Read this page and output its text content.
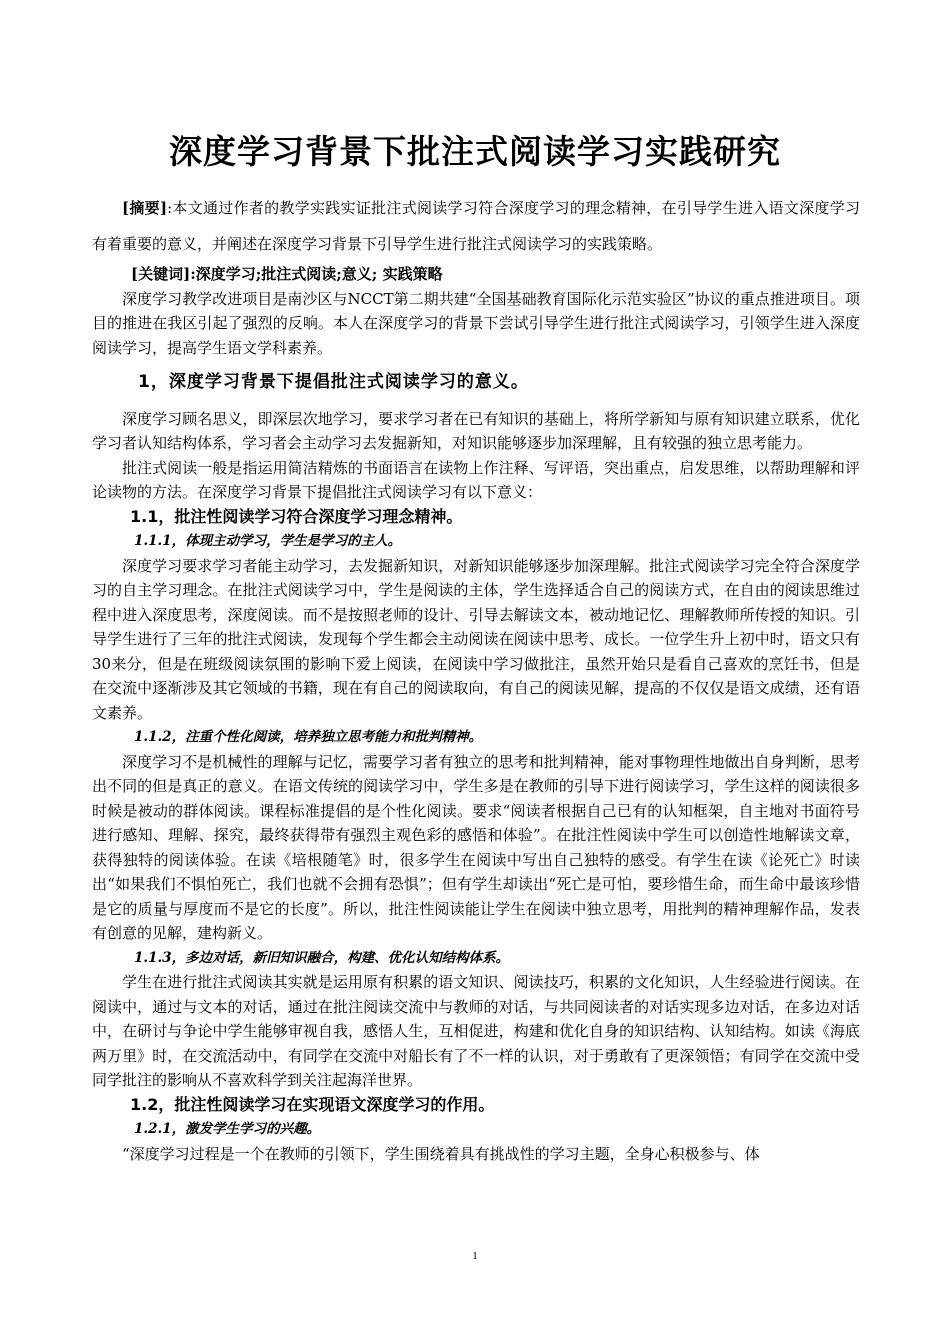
深度学习背景下批注式阅读学习实践研究

[摘要]:本文通过作者的教学实践实证批注式阅读学习符合深度学习的理念精神，在引导学生进入语文深度学习有着重要的意义，并阐述在深度学习背景下引导学生进行批注式阅读学习的实践策略。

[关键词]:深度学习;批注式阅读;意义; 实践策略

深度学习教学改进项目是南沙区与NCCT第二期共建“全国基础教育国际化示范实验区”协议的重点推进项目。项目的推进在我区引起了强烈的反响。本人在深度学习的背景下尝试引导学生进行批注式阅读学习，引领学生进入深度阅读学习，提高学生语文学科素养。

1，深度学习背景下提倡批注式阅读学习的意义。

深度学习顾名思义，即深层次地学习，要求学习者在已有知识的基础上，将所学新知与原有知识建立联系，优化学习者认知结构体系，学习者会主动学习去发掘新知，对知识能够逐步加深理解，且有较强的独立思考能力。

批注式阅读一般是指运用简洁精炼的书面语言在读物上作注释、写评语，突出重点，启发思维，以帮助理解和评论读物的方法。在深度学习背景下提倡批注式阅读学习有以下意义：

1.1，批注性阅读学习符合深度学习理念精神。

1.1.1，体现主动学习，学生是学习的主人。

深度学习要求学习者能主动学习，去发掘新知识，对新知识能够逐步加深理解。批注式阅读学习完全符合深度学习的自主学习理念。在批注式阅读学习中，学生是阅读的主体，学生选择适合自己的阅读方式，在自由的阅读思维过程中进入深度思考，深度阅读。而不是按照老师的设计、引导去解读文本，被动地记忆、理解教师所传授的知识。引导学生进行了三年的批注式阅读，发现每个学生都会主动阅读在阅读中思考、成长。一位学生升上初中时，语文只有30来分，但是在班级阅读氛围的影响下爱上阅读，在阅读中学习做批注，虽然开始只是看自己喜欢的烹饪书，但是在交流中逐渐涉及其它领域的书籍，现在有自己的阅读取向，有自己的阅读见解，提高的不仅仅是语文成绩，还有语文素养。

1.1.2，注重个性化阅读，培养独立思考能力和批判精神。

深度学习不是机械性的理解与记忆，需要学习者有独立的思考和批判精神，能对事物理性地做出自身判断，思考出不同的但是真正的意义。在语文传统的阅读学习中，学生多是在教师的引导下进行阅读学习，学生这样的阅读很多时候是被动的群体阅读。课程标准提倡的是个性化阅读。要求“阅读者根据自己已有的认知框架，自主地对书面符号进行感知、理解、探究，最终获得带有强烈主观色彩的感悟和体验”。在批注性阅读中学生可以创造性地解读文章，获得独特的阅读体验。在读《培根随笔》时，很多学生在阅读中写出自己独特的感受。有学生在读《论死亡》时读出“如果我们不惧怕死亡，我们也就不会拥有恐惧”；但有学生却读出“死亡是可怕，要珍惜生命，而生命中最该珍惜是它的质量与厚度而不是它的长度”。所以，批注性阅读能让学生在阅读中独立思考，用批判的精神理解作品，发表有创意的见解，建构新义。

1.1.3，多边对话，新旧知识融合，构建、优化认知结构体系。

学生在进行批注式阅读其实就是运用原有积累的语文知识、阅读技巧，积累的文化知识，人生经验进行阅读。在阅读中，通过与文本的对话，通过在批注阅读交流中与教师的对话，与共同阅读者的对话实现多边对话，在多边对话中，在研讨与争论中学生能够审视自我，感悟人生，互相促进，构建和优化自身的知识结构、认知结构。如读《海底两万里》时，在交流活动中，有同学在交流中对船长有了不一样的认识，对于勇敢有了更深领悟；有同学在交流中受同学批注的影响从不喜欢科学到关注起海洋世界。

1.2，批注性阅读学习在实现语文深度学习的作用。

1.2.1，激发学生学习的兴趣。

“深度学习过程是一个在教师的引领下，学生围绕着具有挑战性的学习主题，全身心积极参与、体

1
